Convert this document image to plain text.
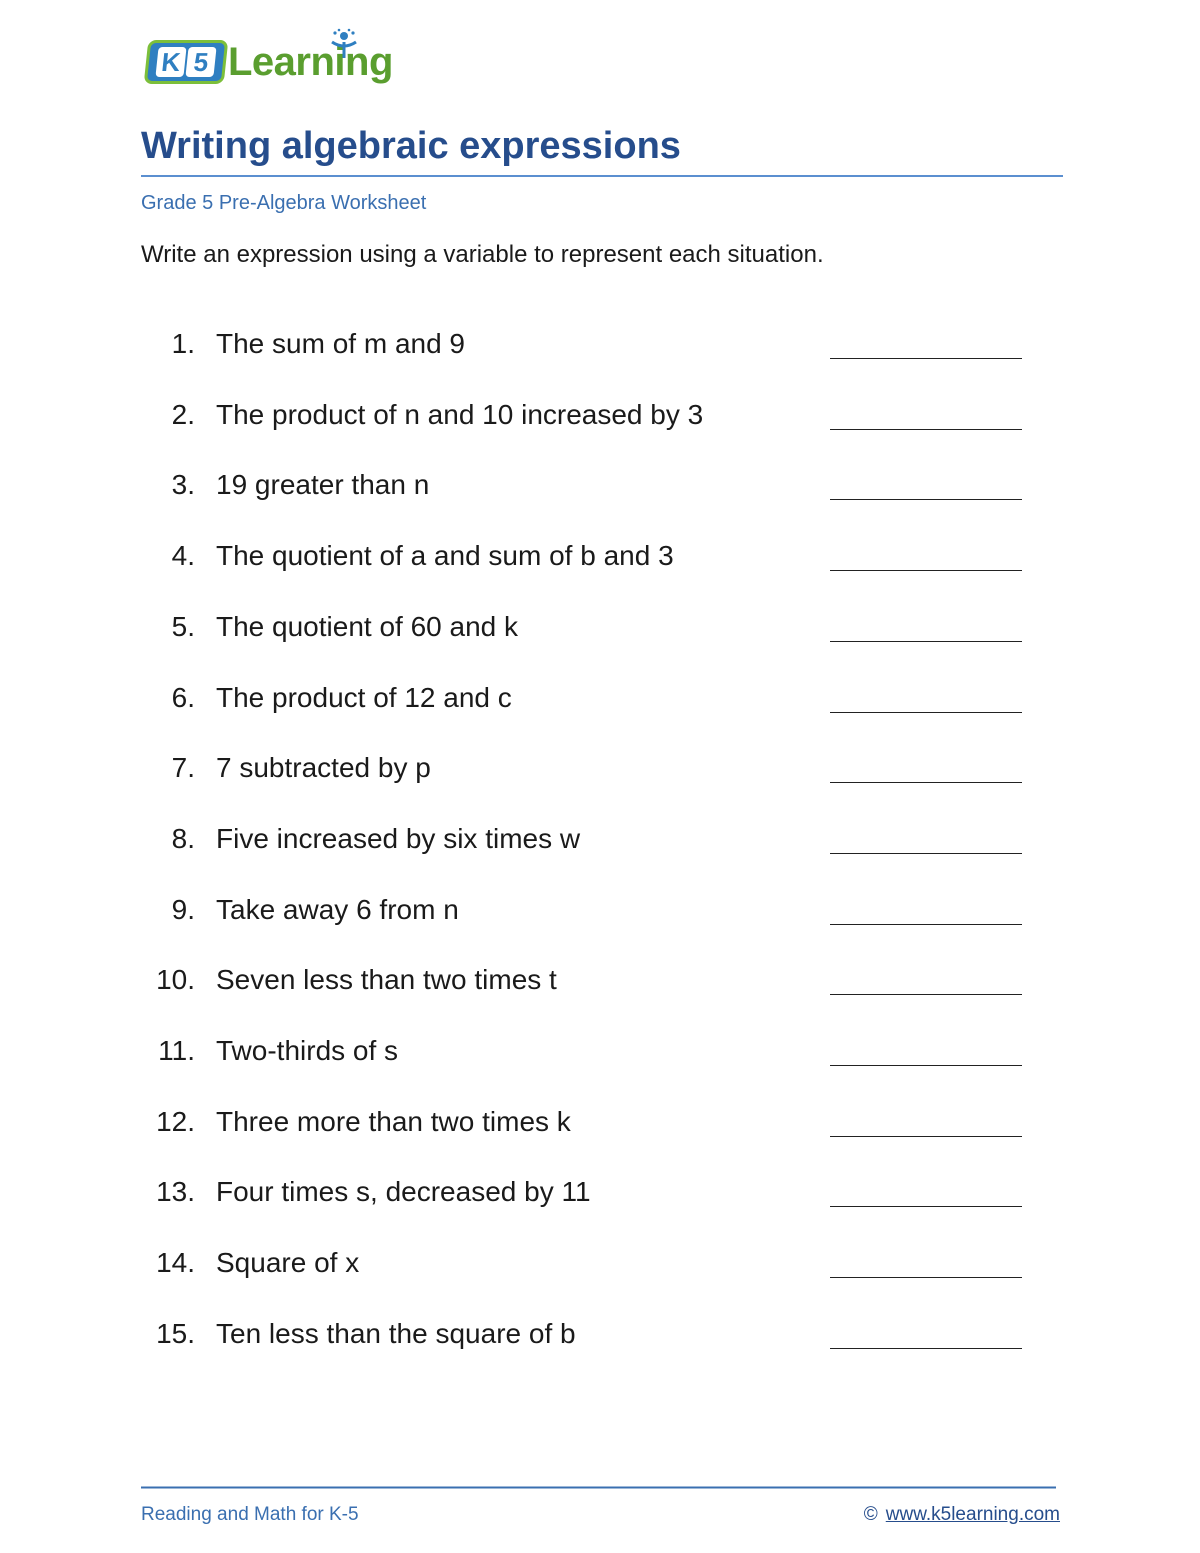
K 5 Learning
Writing algebraic expressions
Grade 5 Pre-Algebra Worksheet
Write an expression using a variable to represent each situation.
1. The sum of m and 9
2. The product of n and 10 increased by 3
3. 19 greater than n
4. The quotient of a and sum of b and 3
5. The quotient of 60 and k
6. The product of 12 and c
7. 7 subtracted by p
8. Five increased by six times w
9. Take away 6 from n
10. Seven less than two times t
11. Two-thirds of s
12. Three more than two times k
13. Four times s, decreased by 11
14. Square of x
15. Ten less than the square of b
Reading and Math for K-5	© www.k5learning.com
